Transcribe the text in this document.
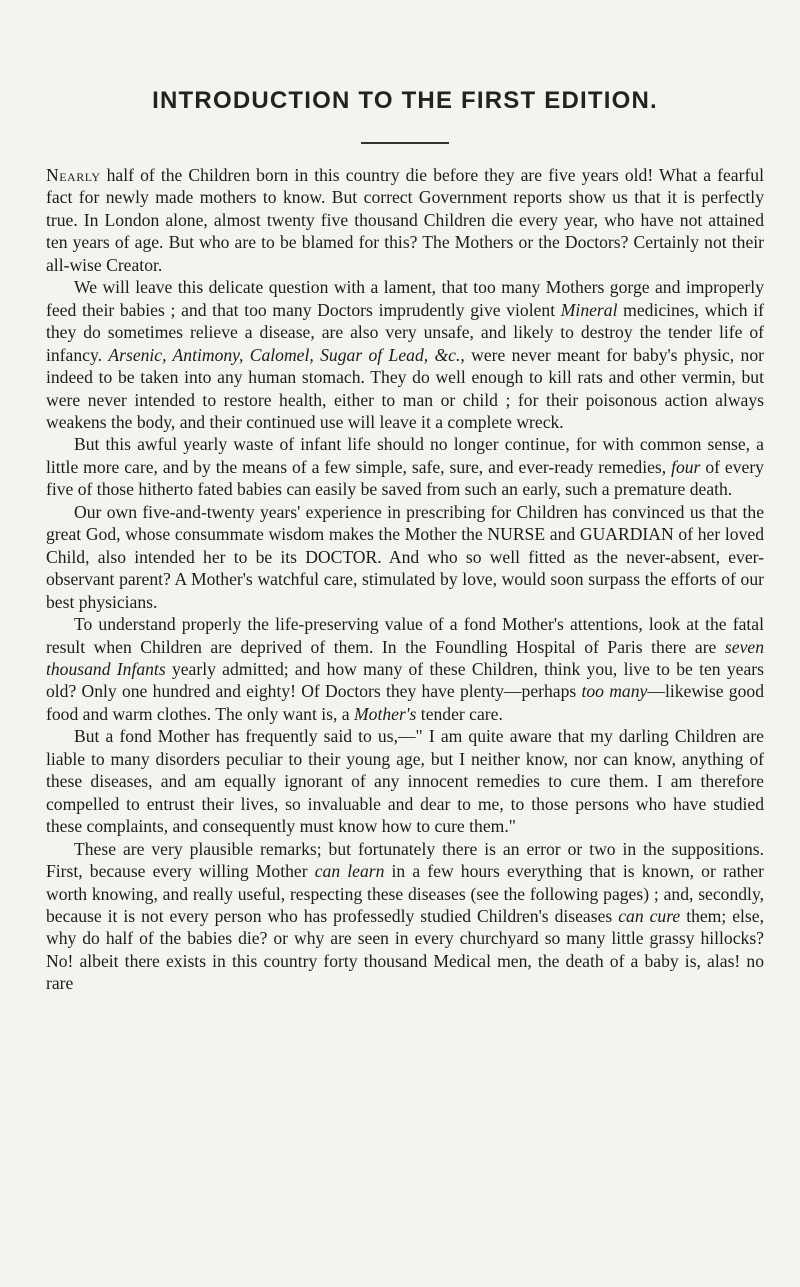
INTRODUCTION TO THE FIRST EDITION.

Nearly half of the Children born in this country die before they are five years old! What a fearful fact for newly made mothers to know. But correct Government reports show us that it is perfectly true. In London alone, almost twenty five thousand Children die every year, who have not attained ten years of age. But who are to be blamed for this? The Mothers or the Doctors? Certainly not their all-wise Creator.

We will leave this delicate question with a lament, that too many Mothers gorge and improperly feed their babies ; and that too many Doctors imprudently give violent Mineral medicines, which if they do sometimes relieve a disease, are also very unsafe, and likely to destroy the tender life of infancy. Arsenic, Antimony, Calomel, Sugar of Lead, &c., were never meant for baby's physic, nor indeed to be taken into any human stomach. They do well enough to kill rats and other vermin, but were never intended to restore health, either to man or child ; for their poisonous action always weakens the body, and their continued use will leave it a complete wreck.

But this awful yearly waste of infant life should no longer continue, for with common sense, a little more care, and by the means of a few simple, safe, sure, and ever-ready remedies, four of every five of those hitherto fated babies can easily be saved from such an early, such a premature death.

Our own five-and-twenty years' experience in prescribing for Children has convinced us that the great God, whose consummate wisdom makes the Mother the NURSE and GUARDIAN of her loved Child, also intended her to be its DOCTOR. And who so well fitted as the never-absent, ever-observant parent? A Mother's watchful care, stimulated by love, would soon surpass the efforts of our best physicians.

To understand properly the life-preserving value of a fond Mother's attentions, look at the fatal result when Children are deprived of them. In the Foundling Hospital of Paris there are seven thousand Infants yearly admitted; and how many of these Children, think you, live to be ten years old? Only one hundred and eighty! Of Doctors they have plenty—perhaps too many—likewise good food and warm clothes. The only want is, a Mother's tender care.

But a fond Mother has frequently said to us,—" I am quite aware that my darling Children are liable to many disorders peculiar to their young age, but I neither know, nor can know, anything of these diseases, and am equally ignorant of any innocent remedies to cure them. I am therefore compelled to entrust their lives, so invaluable and dear to me, to those persons who have studied these complaints, and consequently must know how to cure them."

These are very plausible remarks; but fortunately there is an error or two in the suppositions. First, because every willing Mother can learn in a few hours everything that is known, or rather worth knowing, and really useful, respecting these diseases (see the following pages) ; and, secondly, because it is not every person who has professedly studied Children's diseases can cure them; else, why do half of the babies die? or why are seen in every churchyard so many little grassy hillocks? No! albeit there exists in this country forty thousand Medical men, the death of a baby is, alas! no rare
